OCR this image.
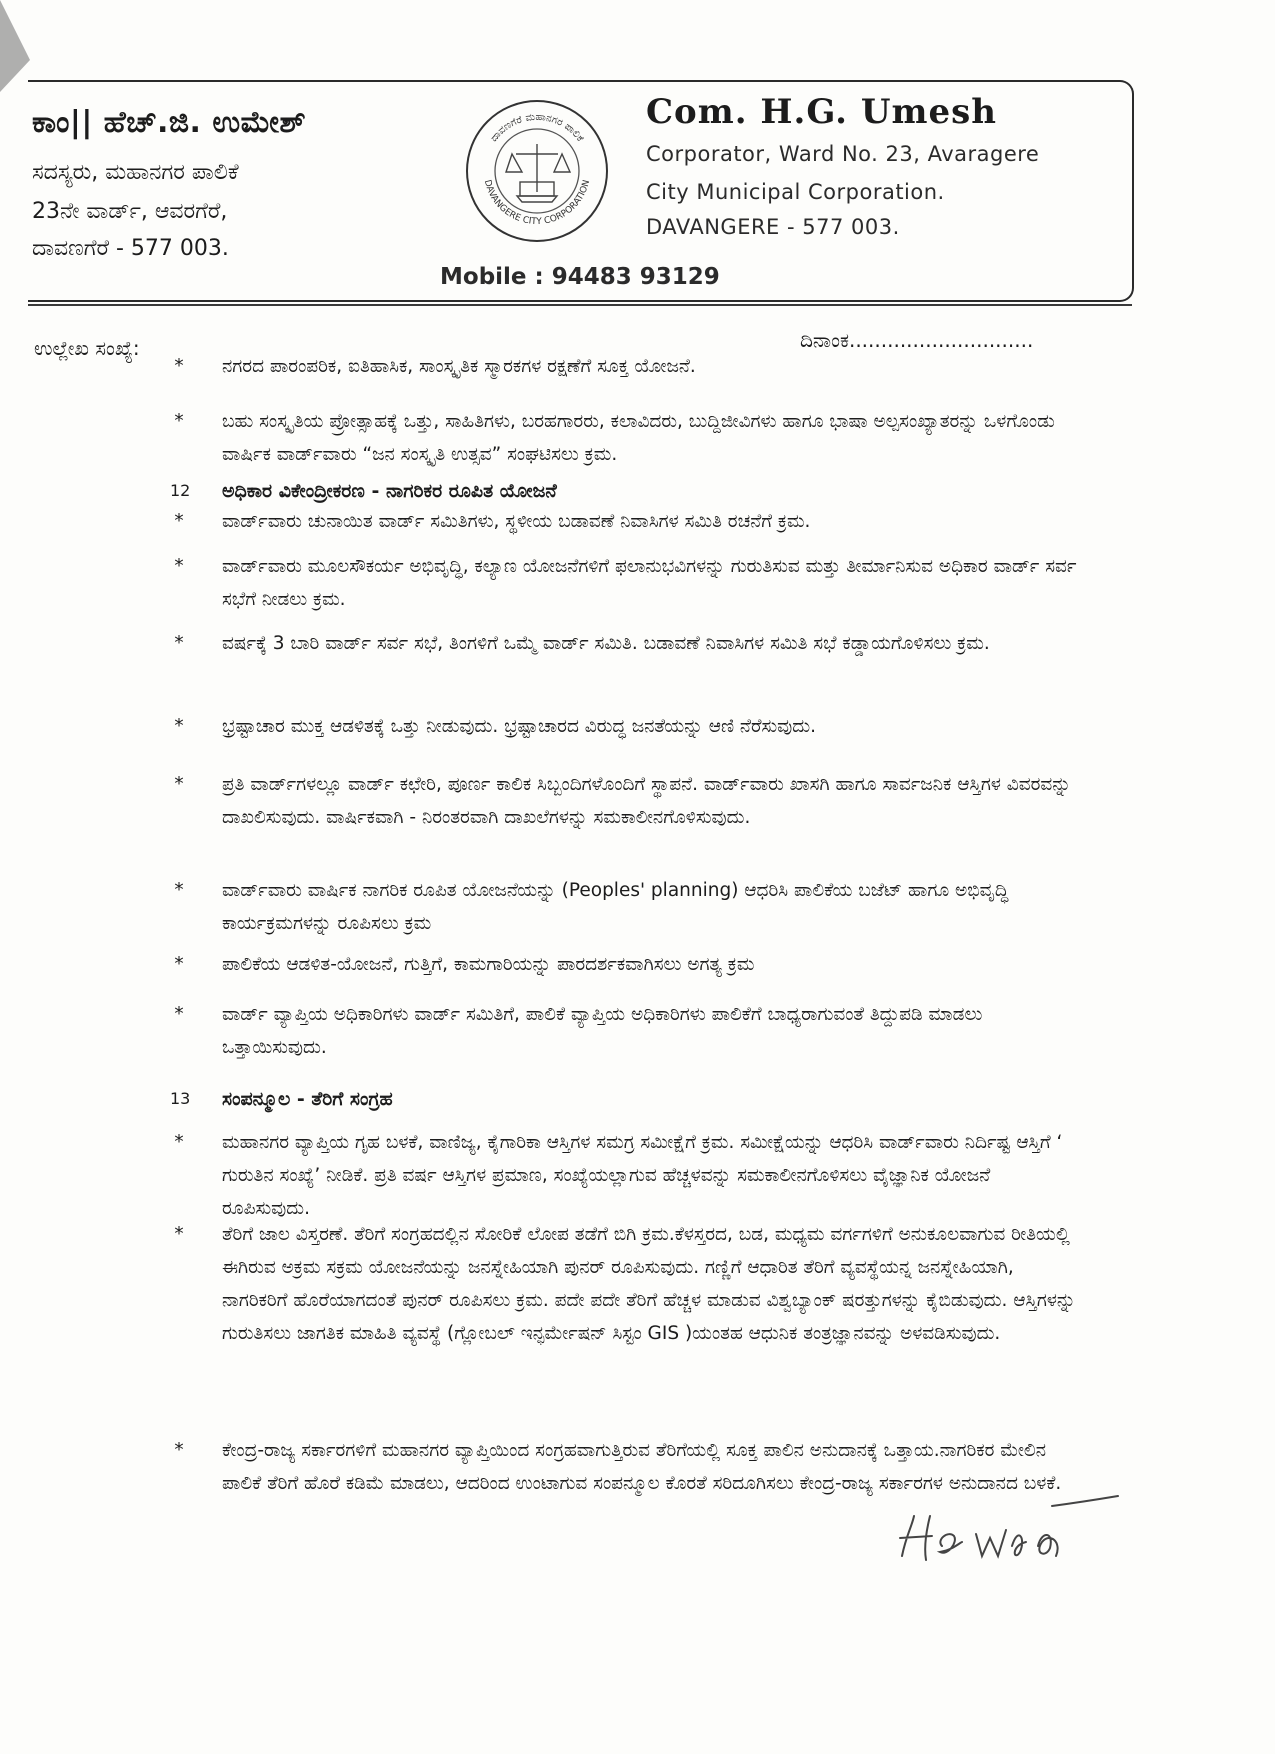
ಕಾಂ|| ಹೆಚ್.ಜಿ. ಉಮೇಶ್
ಸದಸ್ಯರು, ಮಹಾನಗರ ಪಾಲಿಕೆ
23ನೇ ವಾರ್ಡ್, ಆವರಗೆರೆ,
ದಾವಣಗೆರೆ - 577 003.
ದಾವಣಗೆರೆ ಮಹಾನಗರ ಪಾಲಿಕೆ
DAVANGERE CITY CORPORATION
Com. H.G. Umesh
Corporator, Ward No. 23, Avaragere
City Municipal Corporation.
DAVANGERE - 577 003.
Mobile : 94483 93129
ಉಲ್ಲೇಖ ಸಂಖ್ಯೆ:	ದಿನಾಂಕ.............................
*	ನಗರದ ಪಾರಂಪರಿಕ, ಐತಿಹಾಸಿಕ, ಸಾಂಸ್ಕೃತಿಕ ಸ್ಮಾರಕಗಳ ರಕ್ಷಣೆಗೆ ಸೂಕ್ತ ಯೋಜನೆ.
*	ಬಹು ಸಂಸ್ಕೃತಿಯ ಪ್ರೋತ್ಸಾಹಕ್ಕೆ ಒತ್ತು, ಸಾಹಿತಿಗಳು, ಬರಹಗಾರರು, ಕಲಾವಿದರು, ಬುದ್ದಿಜೀವಿಗಳು ಹಾಗೂ ಭಾಷಾ ಅಲ್ಪಸಂಖ್ಯಾತರನ್ನು ಒಳಗೊಂಡು ವಾರ್ಷಿಕ ವಾರ್ಡ್‌ವಾರು “ಜನ ಸಂಸ್ಕೃತಿ ಉತ್ಸವ” ಸಂಘಟಿಸಲು ಕ್ರಮ.
12 ಅಧಿಕಾರ ವಿಕೇಂದ್ರೀಕರಣ - ನಾಗರಿಕರ ರೂಪಿತ ಯೋಜನೆ
*	ವಾರ್ಡ್‌ವಾರು ಚುನಾಯಿತ ವಾರ್ಡ್ ಸಮಿತಿಗಳು, ಸ್ಥಳೀಯ ಬಡಾವಣೆ ನಿವಾಸಿಗಳ ಸಮಿತಿ ರಚನೆಗೆ ಕ್ರಮ.
*	ವಾರ್ಡ್‌ವಾರು ಮೂಲಸೌಕರ್ಯ ಅಭಿವೃದ್ಧಿ, ಕಲ್ಯಾಣ ಯೋಜನೆಗಳಿಗೆ ಫಲಾನುಭವಿಗಳನ್ನು ಗುರುತಿಸುವ ಮತ್ತು ತೀರ್ಮಾನಿಸುವ ಅಧಿಕಾರ ವಾರ್ಡ್ ಸರ್ವ ಸಭೆಗೆ ನೀಡಲು ಕ್ರಮ.
*	ವರ್ಷಕ್ಕೆ 3 ಬಾರಿ ವಾರ್ಡ್ ಸರ್ವ ಸಭೆ, ತಿಂಗಳಿಗೆ ಒಮ್ಮೆ ವಾರ್ಡ್ ಸಮಿತಿ. ಬಡಾವಣೆ ನಿವಾಸಿಗಳ ಸಮಿತಿ ಸಭೆ ಕಡ್ಡಾಯಗೊಳಿಸಲು ಕ್ರಮ.
*	ಭ್ರಷ್ಟಾಚಾರ ಮುಕ್ತ ಆಡಳಿತಕ್ಕೆ ಒತ್ತು ನೀಡುವುದು. ಭ್ರಷ್ಟಾಚಾರದ ವಿರುದ್ಧ ಜನತೆಯನ್ನು ಆಣಿ ನೆರೆಸುವುದು.
*	ಪ್ರತಿ ವಾರ್ಡ್‌ಗಳಲ್ಲೂ ವಾರ್ಡ್ ಕಛೇರಿ, ಪೂರ್ಣ ಕಾಲಿಕ ಸಿಬ್ಬಂದಿಗಳೊಂದಿಗೆ ಸ್ಥಾಪನೆ. ವಾರ್ಡ್‌ವಾರು ಖಾಸಗಿ ಹಾಗೂ ಸಾರ್ವಜನಿಕ ಆಸ್ತಿಗಳ ವಿವರವನ್ನು ದಾಖಲಿಸುವುದು. ವಾರ್ಷಿಕವಾಗಿ - ನಿರಂತರವಾಗಿ ದಾಖಲೆಗಳನ್ನು ಸಮಕಾಲೀನಗೊಳಿಸುವುದು.
*	ವಾರ್ಡ್‌ವಾರು ವಾರ್ಷಿಕ ನಾಗರಿಕ ರೂಪಿತ ಯೋಜನೆಯನ್ನು (Peoples' planning) ಆಧರಿಸಿ ಪಾಲಿಕೆಯ ಬಜೆಟ್ ಹಾಗೂ ಅಭಿವೃದ್ಧಿ ಕಾರ್ಯಕ್ರಮಗಳನ್ನು ರೂಪಿಸಲು ಕ್ರಮ
*	ಪಾಲಿಕೆಯ ಆಡಳಿತ-ಯೋಜನೆ, ಗುತ್ತಿಗೆ, ಕಾಮಗಾರಿಯನ್ನು ಪಾರದರ್ಶಕವಾಗಿಸಲು ಅಗತ್ಯ ಕ್ರಮ
*	ವಾರ್ಡ್ ವ್ಯಾಪ್ತಿಯ ಅಧಿಕಾರಿಗಳು ವಾರ್ಡ್ ಸಮಿತಿಗೆ, ಪಾಲಿಕೆ ವ್ಯಾಪ್ತಿಯ ಅಧಿಕಾರಿಗಳು ಪಾಲಿಕೆಗೆ ಬಾಧ್ಯರಾಗುವಂತೆ ತಿದ್ದುಪಡಿ ಮಾಡಲು ಒತ್ತಾಯಿಸುವುದು.
13 ಸಂಪನ್ಮೂಲ - ತೆರಿಗೆ ಸಂಗ್ರಹ
*	ಮಹಾನಗರ ವ್ಯಾಪ್ತಿಯ ಗೃಹ ಬಳಕೆ, ವಾಣಿಜ್ಯ, ಕೈಗಾರಿಕಾ ಆಸ್ತಿಗಳ ಸಮಗ್ರ ಸಮೀಕ್ಷೆಗೆ ಕ್ರಮ. ಸಮೀಕ್ಷೆಯನ್ನು ಆಧರಿಸಿ ವಾರ್ಡ್‌ವಾರು ನಿರ್ದಿಷ್ಟ ಆಸ್ತಿಗೆ ‘ ಗುರುತಿನ ಸಂಖ್ಯೆ’ ನೀಡಿಕೆ. ಪ್ರತಿ ವರ್ಷ ಆಸ್ತಿಗಳ ಪ್ರಮಾಣ, ಸಂಖ್ಯೆಯಲ್ಲಾಗುವ ಹೆಚ್ಚಳವನ್ನು ಸಮಕಾಲೀನಗೊಳಿಸಲು ವೈಜ್ಞಾನಿಕ ಯೋಜನೆ ರೂಪಿಸುವುದು.
*	ತೆರಿಗೆ ಜಾಲ ವಿಸ್ತರಣೆ. ತೆರಿಗೆ ಸಂಗ್ರಹದಲ್ಲಿನ ಸೋರಿಕೆ ಲೋಪ ತಡೆಗೆ ಬಿಗಿ ಕ್ರಮ.ಕೆಳಸ್ತರದ, ಬಡ, ಮಧ್ಯಮ ವರ್ಗಗಳಿಗೆ ಅನುಕೂಲವಾಗುವ ರೀತಿಯಲ್ಲಿ ಈಗಿರುವ ಅಕ್ರಮ ಸಕ್ರಮ ಯೋಜನೆಯನ್ನು ಜನಸ್ನೇಹಿಯಾಗಿ ಪುನರ್ ರೂಪಿಸುವುದು. ಗಣ್ಣಿಗೆ ಆಧಾರಿತ ತೆರಿಗೆ ವ್ಯವಸ್ಥೆಯನ್ನ ಜನಸ್ನೇಹಿಯಾಗಿ, ನಾಗರಿಕರಿಗೆ ಹೊರೆಯಾಗದಂತೆ ಪುನರ್ ರೂಪಿಸಲು ಕ್ರಮ. ಪದೇ ಪದೇ ತೆರಿಗೆ ಹೆಚ್ಚಳ ಮಾಡುವ ವಿಶ್ವಬ್ಯಾಂಕ್ ಷರತ್ತುಗಳನ್ನು ಕೈಬಿಡುವುದು. ಆಸ್ತಿಗಳನ್ನು ಗುರುತಿಸಲು ಜಾಗತಿಕ ಮಾಹಿತಿ ವ್ಯವಸ್ಥೆ (ಗ್ಲೋಬಲ್ ಇನ್ಫರ್ಮೇಷನ್ ಸಿಸ್ಟಂ GIS )ಯಂತಹ ಆಧುನಿಕ ತಂತ್ರಜ್ಞಾನವನ್ನು ಅಳವಡಿಸುವುದು.
*	ಕೇಂದ್ರ-ರಾಜ್ಯ ಸರ್ಕಾರಗಳಿಗೆ ಮಹಾನಗರ ವ್ಯಾಪ್ತಿಯಿಂದ ಸಂಗ್ರಹವಾಗುತ್ತಿರುವ ತೆರಿಗೆಯಲ್ಲಿ ಸೂಕ್ತ ಪಾಲಿನ ಅನುದಾನಕ್ಕೆ ಒತ್ತಾಯ.ನಾಗರಿಕರ ಮೇಲಿನ ಪಾಲಿಕೆ ತೆರಿಗೆ ಹೊರೆ ಕಡಿಮೆ ಮಾಡಲು, ಆದರಿಂದ ಉಂಟಾಗುವ ಸಂಪನ್ಮೂಲ ಕೊರತೆ ಸರಿದೂಗಿಸಲು ಕೇಂದ್ರ-ರಾಜ್ಯ ಸರ್ಕಾರಗಳ ಅನುದಾನದ ಬಳಕೆ.
